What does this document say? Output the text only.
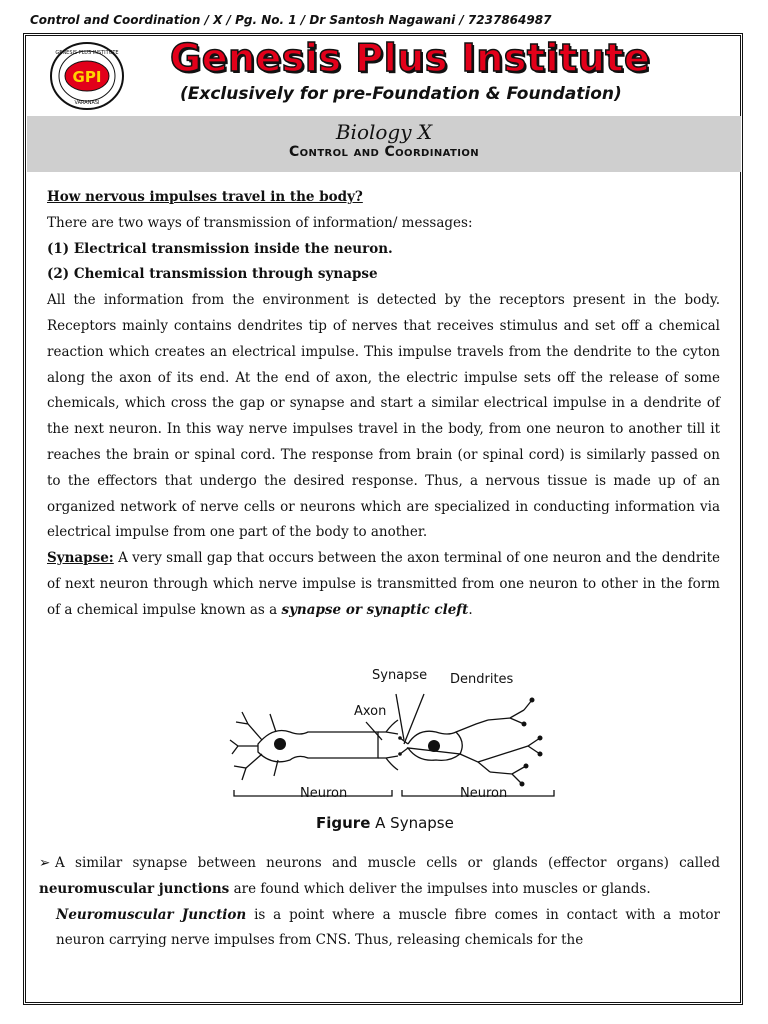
Control and Coordination / X / Pg. No. 1 / Dr Santosh Nagawani / 7237864987
GPI
GENESIS PLUS INSTITUTE
VARANASI
Genesis Plus Institute
(Exclusively for pre-Foundation & Foundation)
Biology X
Control and Coordination

How nervous impulses travel in the body?

There are two ways of transmission of information/ messages:

(1) Electrical transmission inside the neuron.

(2) Chemical transmission through synapse

All the information from the environment is detected by the receptors present in the body. Receptors mainly contains dendrites tip of nerves that receives stimulus and set off a chemical reaction which creates an electrical impulse. This impulse travels from the dendrite to the cyton along the axon of its end. At the end of axon, the electric impulse sets off the release of some chemicals, which cross the gap or synapse and start a similar electrical impulse in a dendrite of the next neuron. In this way nerve impulses travel in the body, from one neuron to another till it reaches the brain or spinal cord. The response from brain (or spinal cord) is similarly passed on to the effectors that undergo the desired response. Thus, a nervous tissue is made up of an organized network of nerve cells or neurons which are specialized in conducting information via electrical impulse from one part of the body to another.

Synapse: A very small gap that occurs between the axon terminal of one neuron and the dendrite of next neuron through which nerve impulse is transmitted from one neuron to other in the form of a chemical impulse known as a synapse or synaptic cleft.

Synapse Dendrites
Axon
Neuron	Neuron
Figure A Synapse

➢ A similar synapse between neurons and muscle cells or glands (effector organs) called neuromuscular junctions are found which deliver the impulses into muscles or glands.

Neuromuscular Junction is a point where a muscle fibre comes in contact with a motor neuron carrying nerve impulses from CNS. Thus, releasing chemicals for the
